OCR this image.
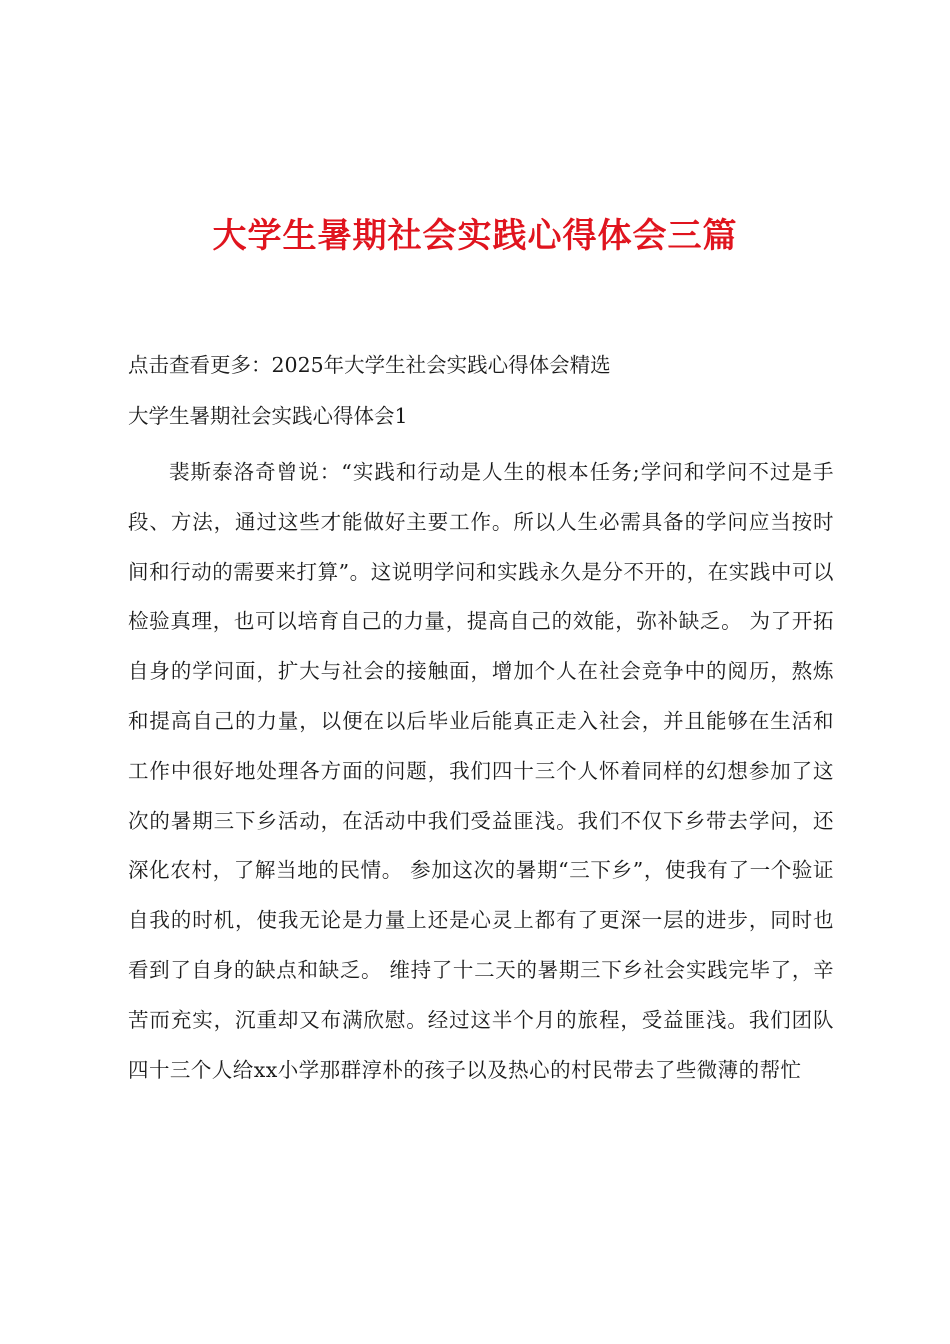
大学生暑期社会实践心得体会三篇

点击查看更多：2025年大学生社会实践心得体会精选

大学生暑期社会实践心得体会1

裴斯泰洛奇曾说：“实践和行动是人生的根本任务;学问和学问不过是手段、方法，通过这些才能做好主要工作。所以人生必需具备的学问应当按时间和行动的需要来打算”。这说明学问和实践永久是分不开的，在实践中可以检验真理，也可以培育自己的力量，提高自己的效能，弥补缺乏。 为了开拓自身的学问面，扩大与社会的接触面，增加个人在社会竞争中的阅历，熬炼和提高自己的力量，以便在以后毕业后能真正走入社会，并且能够在生活和工作中很好地处理各方面的问题，我们四十三个人怀着同样的幻想参加了这次的暑期三下乡活动，在活动中我们受益匪浅。我们不仅下乡带去学问，还深化农村，了解当地的民情。 参加这次的暑期“三下乡”，使我有了一个验证自我的时机，使我无论是力量上还是心灵上都有了更深一层的进步，同时也看到了自身的缺点和缺乏。 维持了十二天的暑期三下乡社会实践完毕了，辛苦而充实，沉重却又布满欣慰。经过这半个月的旅程，受益匪浅。我们团队四十三个人给xx小学那群淳朴的孩子以及热心的村民带去了些微薄的帮忙
